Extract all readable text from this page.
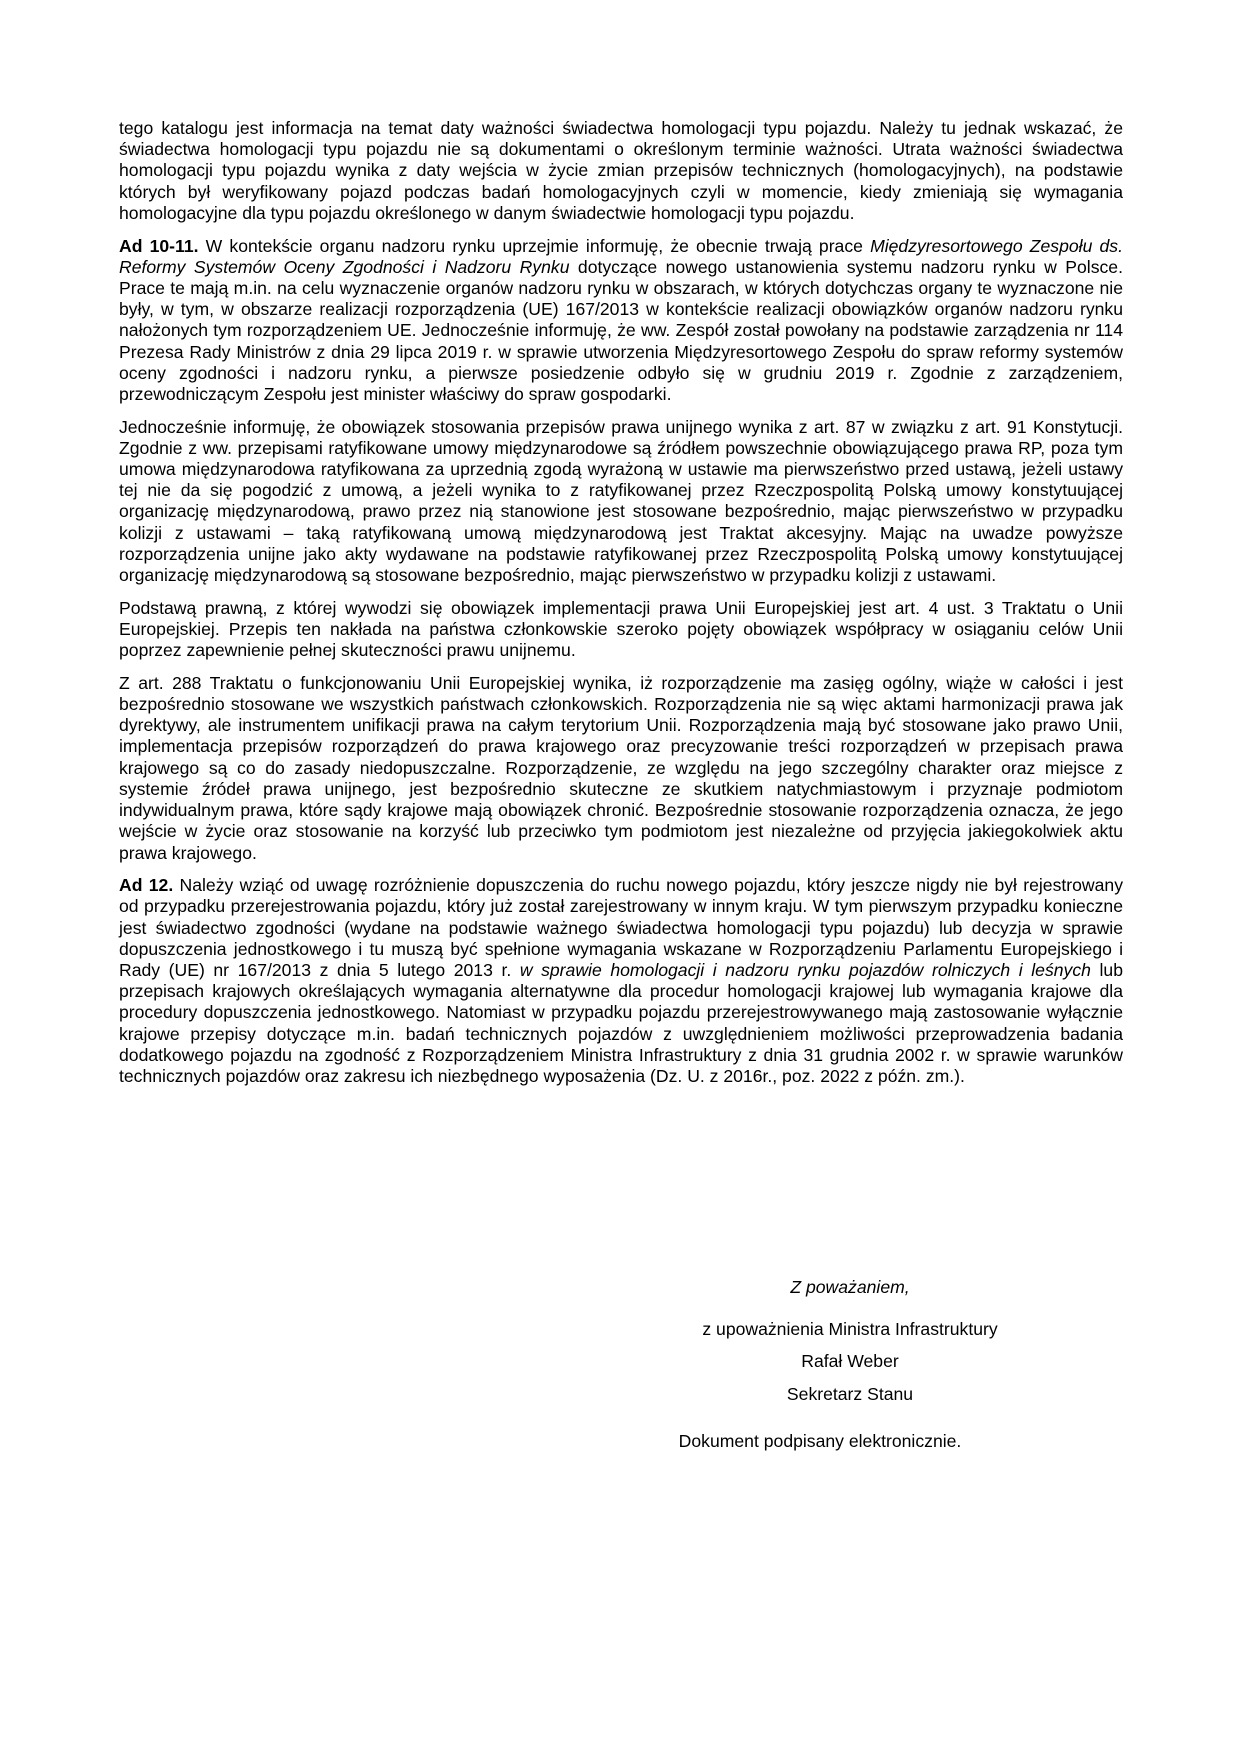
tego katalogu jest informacja na temat daty ważności świadectwa homologacji typu pojazdu. Należy tu jednak wskazać, że świadectwa homologacji typu pojazdu nie są dokumentami o określonym terminie ważności. Utrata ważności świadectwa homologacji typu pojazdu wynika z daty wejścia w życie zmian przepisów technicznych (homologacyjnych), na podstawie których był weryfikowany pojazd podczas badań homologacyjnych czyli w momencie, kiedy zmieniają się wymagania homologacyjne dla typu pojazdu określonego w danym świadectwie homologacji typu pojazdu.

Ad 10-11. W kontekście organu nadzoru rynku uprzejmie informuję, że obecnie trwają prace Międzyresortowego Zespołu ds. Reformy Systemów Oceny Zgodności i Nadzoru Rynku dotyczące nowego ustanowienia systemu nadzoru rynku w Polsce. Prace te mają m.in. na celu wyznaczenie organów nadzoru rynku w obszarach, w których dotychczas organy te wyznaczone nie były, w tym, w obszarze realizacji rozporządzenia (UE) 167/2013 w kontekście realizacji obowiązków organów nadzoru rynku nałożonych tym rozporządzeniem UE. Jednocześnie informuję, że ww. Zespół został powołany na podstawie zarządzenia nr 114 Prezesa Rady Ministrów z dnia 29 lipca 2019 r. w sprawie utworzenia Międzyresortowego Zespołu do spraw reformy systemów oceny zgodności i nadzoru rynku, a pierwsze posiedzenie odbyło się w grudniu 2019 r. Zgodnie z zarządzeniem, przewodniczącym Zespołu jest minister właściwy do spraw gospodarki.

Jednocześnie informuję, że obowiązek stosowania przepisów prawa unijnego wynika z art. 87 w związku z art. 91 Konstytucji. Zgodnie z ww. przepisami ratyfikowane umowy międzynarodowe są źródłem powszechnie obowiązującego prawa RP, poza tym umowa międzynarodowa ratyfikowana za uprzednią zgodą wyrażoną w ustawie ma pierwszeństwo przed ustawą, jeżeli ustawy tej nie da się pogodzić z umową, a jeżeli wynika to z ratyfikowanej przez Rzeczpospolitą Polską umowy konstytuującej organizację międzynarodową, prawo przez nią stanowione jest stosowane bezpośrednio, mając pierwszeństwo w przypadku kolizji z ustawami – taką ratyfikowaną umową międzynarodową jest Traktat akcesyjny. Mając na uwadze powyższe rozporządzenia unijne jako akty wydawane na podstawie ratyfikowanej przez Rzeczpospolitą Polską umowy konstytuującej organizację międzynarodową są stosowane bezpośrednio, mając pierwszeństwo w przypadku kolizji z ustawami.

Podstawą prawną, z której wywodzi się obowiązek implementacji prawa Unii Europejskiej jest art. 4 ust. 3 Traktatu o Unii Europejskiej. Przepis ten nakłada na państwa członkowskie szeroko pojęty obowiązek współpracy w osiąganiu celów Unii poprzez zapewnienie pełnej skuteczności prawu unijnemu.

Z art. 288 Traktatu o funkcjonowaniu Unii Europejskiej wynika, iż rozporządzenie ma zasięg ogólny, wiąże w całości i jest bezpośrednio stosowane we wszystkich państwach członkowskich. Rozporządzenia nie są więc aktami harmonizacji prawa jak dyrektywy, ale instrumentem unifikacji prawa na całym terytorium Unii. Rozporządzenia mają być stosowane jako prawo Unii, implementacja przepisów rozporządzeń do prawa krajowego oraz precyzowanie treści rozporządzeń w przepisach prawa krajowego są co do zasady niedopuszczalne. Rozporządzenie, ze względu na jego szczególny charakter oraz miejsce z systemie źródeł prawa unijnego, jest bezpośrednio skuteczne ze skutkiem natychmiastowym i przyznaje podmiotom indywidualnym prawa, które sądy krajowe mają obowiązek chronić. Bezpośrednie stosowanie rozporządzenia oznacza, że jego wejście w życie oraz stosowanie na korzyść lub przeciwko tym podmiotom jest niezależne od przyjęcia jakiegokolwiek aktu prawa krajowego.

Ad 12. Należy wziąć od uwagę rozróżnienie dopuszczenia do ruchu nowego pojazdu, który jeszcze nigdy nie był rejestrowany od przypadku przerejestrowania pojazdu, który już został zarejestrowany w innym kraju. W tym pierwszym przypadku konieczne jest świadectwo zgodności (wydane na podstawie ważnego świadectwa homologacji typu pojazdu) lub decyzja w sprawie dopuszczenia jednostkowego i tu muszą być spełnione wymagania wskazane w Rozporządzeniu Parlamentu Europejskiego i Rady (UE) nr 167/2013 z dnia 5 lutego 2013 r. w sprawie homologacji i nadzoru rynku pojazdów rolniczych i leśnych lub przepisach krajowych określających wymagania alternatywne dla procedur homologacji krajowej lub wymagania krajowe dla procedury dopuszczenia jednostkowego. Natomiast w przypadku pojazdu przerejestrowywanego mają zastosowanie wyłącznie krajowe przepisy dotyczące m.in. badań technicznych pojazdów z uwzględnieniem możliwości przeprowadzenia badania dodatkowego pojazdu na zgodność z Rozporządzeniem Ministra Infrastruktury z dnia 31 grudnia 2002 r. w sprawie warunków technicznych pojazdów oraz zakresu ich niezbędnego wyposażenia (Dz. U. z 2016r., poz. 2022 z późn. zm.).

Z poważaniem,
z upoważnienia Ministra Infrastruktury
Rafał Weber
Sekretarz Stanu
Dokument podpisany elektronicznie.
